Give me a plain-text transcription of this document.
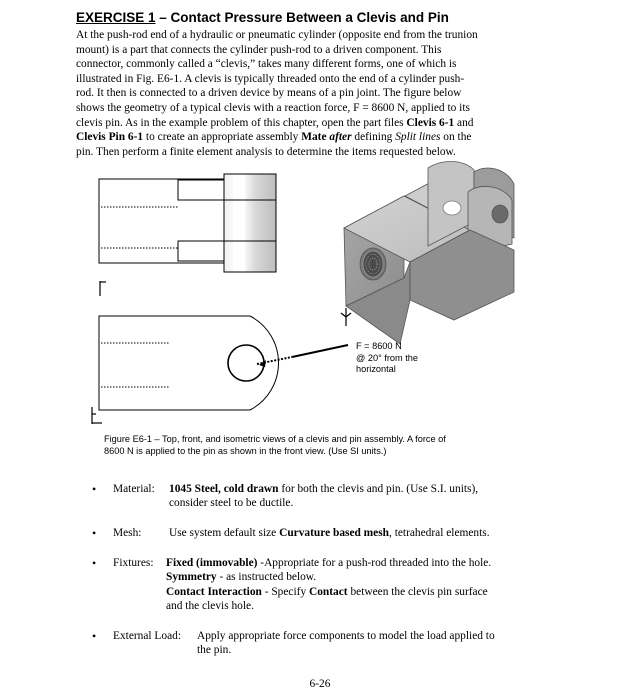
EXERCISE 1 – Contact Pressure Between a Clevis and Pin
At the push-rod end of a hydraulic or pneumatic cylinder (opposite end from the trunion
mount) is a part that connects the cylinder push-rod to a driven component. This
connector, commonly called a “clevis,” takes many different forms, one of which is
illustrated in Fig. E6-1. A clevis is typically threaded onto the end of a cylinder push-
rod. It then is connected to a driven device by means of a pin joint. The figure below
shows the geometry of a typical clevis with a reaction force, F = 8600 N, applied to its
clevis pin. As in the example problem of this chapter, open the part files Clevis 6-1 and
Clevis Pin 6-1 to create an appropriate assembly Mate after defining Split lines on the
pin. Then perform a finite element analysis to determine the items requested below.
F = 8600 N
@ 20° from the
horizontal
Figure E6-1 – Top, front, and isometric views of a clevis and pin assembly. A force of
8600 N is applied to the pin as shown in the front view. (Use SI units.)
• Material: 1045 Steel, cold drawn for both the clevis and pin. (Use S.I. units),
consider steel to be ductile.
• Mesh: Use system default size Curvature based mesh, tetrahedral elements.
• Fixtures: Fixed (immovable) -Appropriate for a push-rod threaded into the hole.
Symmetry - as instructed below.
Contact Interaction - Specify Contact between the clevis pin surface
and the clevis hole.
• External Load: Apply appropriate force components to model the load applied to
the pin.
6-26
